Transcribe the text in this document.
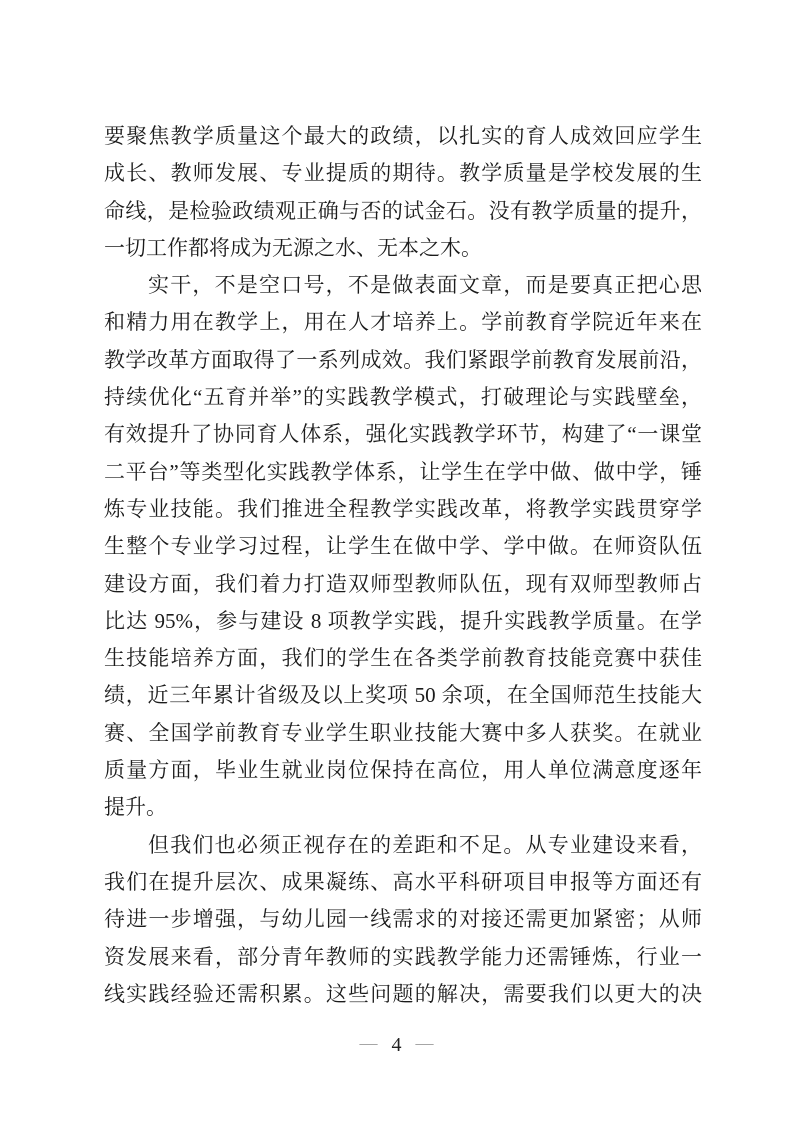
要聚焦教学质量这个最大的政绩，以扎实的育人成效回应学生
成长、教师发展、专业提质的期待。教学质量是学校发展的生
命线，是检验政绩观正确与否的试金石。没有教学质量的提升，
一切工作都将成为无源之水、无本之木。
实干，不是空口号，不是做表面文章，而是要真正把心思
和精力用在教学上，用在人才培养上。学前教育学院近年来在
教学改革方面取得了一系列成效。我们紧跟学前教育发展前沿，
持续优化“五育并举”的实践教学模式，打破理论与实践壁垒，
有效提升了协同育人体系，强化实践教学环节，构建了“一课堂
二平台”等类型化实践教学体系，让学生在学中做、做中学，锤
炼专业技能。我们推进全程教学实践改革，将教学实践贯穿学
生整个专业学习过程，让学生在做中学、学中做。在师资队伍
建设方面，我们着力打造双师型教师队伍，现有双师型教师占
比达 95%，参与建设 8 项教学实践，提升实践教学质量。在学
生技能培养方面，我们的学生在各类学前教育技能竞赛中获佳
绩，近三年累计省级及以上奖项 50 余项，在全国师范生技能大
赛、全国学前教育专业学生职业技能大赛中多人获奖。在就业
质量方面，毕业生就业岗位保持在高位，用人单位满意度逐年
提升。
但我们也必须正视存在的差距和不足。从专业建设来看，
我们在提升层次、成果凝练、高水平科研项目申报等方面还有
待进一步增强，与幼儿园一线需求的对接还需更加紧密；从师
资发展来看，部分青年教师的实践教学能力还需锤炼，行业一
线实践经验还需积累。这些问题的解决，需要我们以更大的决
— 4 —
